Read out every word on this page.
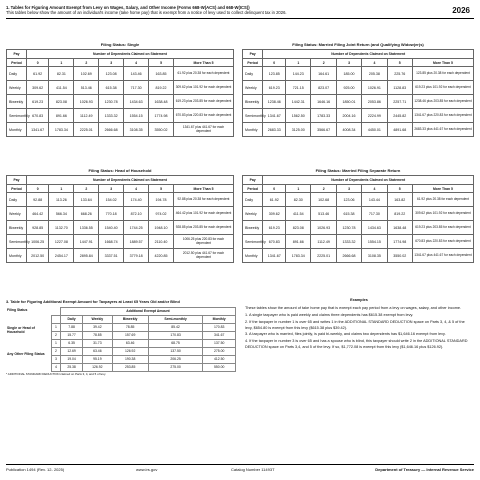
1. Tables for Figuring Amount Exempt from Levy on Wages, Salary, and Other Income (Forms 668-W(ACS) and 668-W(ICS))
This tables below show the amount of an individual's income (take home pay) that is exempt from a notice of levy used to collect delinquent tax in 2026.	2026
Filing Status: Single
Pay	Number of Dependents Claimed on Statement						
Period	0	1	2	3	4	5	More Than 5
Daily	61.92	82.31	102.69	123.08	143.46	163.85	61.92 plus 20.38 for each dependent
Weekly	309.62	411.54	513.46	615.38	717.30	819.22	309.62 plus 101.92 for each dependent
Biweekly	619.23	823.08	1026.93	1230.78	1434.63	1638.48	619.23 plus 203.85 for each dependent
Semimonthly	670.83	891.66	1112.49	1333.32	1554.15	1774.98	670.83 plus 220.83 for each dependent
Monthly	1341.67	1783.34	2225.01	2666.68	3108.35	3550.02	1341.67 plus 441.67 for each dependent
Filing Status: Married Filing Joint Return (and Qualifying Widow(er)s)
Pay	Number of Dependents Claimed on Statement						
Period	0	1	2	3	4	5	More Than 5
Daily	123.85	144.23	164.61	185.00	205.38	225.76	123.85 plus 20.38 for each dependent
Weekly	619.23	721.15	823.07	925.00	1026.91	1128.83	619.23 plus 101.92 for each dependent
Biweekly	1238.46	1442.31	1646.16	1850.01	2053.86	2257.71	1238.46 plus 203.85 for each dependent
Semimonthly	1341.67	1562.50	1783.33	2004.16	2224.99	2445.82	1341.67 plus 220.83 for each dependent
Monthly	2683.33	3125.00	3566.67	4008.34	4450.01	4891.68	2683.33 plus 441.67 for each dependent
Filing Status: Head of Household
Pay	Number of Dependents Claimed on Statement						
Period	0	1	2	3	4	5	More Than 5
Daily	92.88	113.26	133.64	154.02	174.40	194.78	92.88 plus 20.38 for each dependent
Weekly	464.42	566.34	668.26	770.18	872.10	974.02	464.42 plus 101.92 for each dependent
Biweekly	928.85	1132.70	1336.55	1540.40	1744.25	1948.10	928.85 plus 203.85 for each dependent
Semimonthly	1006.25	1227.08	1447.91	1668.74	1889.57	2110.40	1006.25 plus 220.83 for each dependent
Monthly	2012.50	2454.17	2895.84	3337.51	3779.18	4220.85	2012.50 plus 441.67 for each dependent
Filing Status: Married Filing Separate Return
Pay	Number of Dependents Claimed on Statement						
Period	0	1	2	3	4	5	More Than 5
Daily	61.92	82.30	102.68	123.06	143.44	163.82	61.92 plus 20.38 for each dependent
Weekly	309.62	411.54	513.46	615.38	717.30	819.22	309.62 plus 101.92 for each dependent
Biweekly	619.23	823.08	1026.93	1230.78	1434.63	1638.48	619.23 plus 203.85 for each dependent
Semimonthly	670.83	891.66	1112.49	1333.32	1554.15	1774.98	670.83 plus 220.83 for each dependent
Monthly	1341.67	1783.34	2225.01	2666.68	3108.35	3550.02	1341.67 plus 441.67 for each dependent
3. Table for Figuring Additional Exempt Amount for Taxpayers at Least 65 Years Old and/or Blind
Filing Status		Additional Exempt Amount				
		Daily	Weekly	Biweekly	Semi-monthly	Monthly
Single or Head of Household	1	7.88	39.42	78.85	85.42	170.83
	2	15.77	78.85	157.69	170.83	341.67
Any Other Filing Status	1	6.35	31.73	63.46	68.75	137.50
	2	12.69	63.46	126.92	137.50	275.00
	3	19.04	95.19	190.38	206.25	412.50
	4	25.38	126.92	253.85	275.00	550.00
* ADDITIONAL STANDARD DEDUCTION claimed on Parts 3, 4, and 5 of levy.
Examples

These tables show the amount of take home pay that is exempt each pay period from a levy on wages, salary, and other income.

1. A single taxpayer who is paid weekly and claims three dependents has $615.38 exempt from levy.

2. If the taxpayer in number 1 is over 65 and writes 1 in the ADDITIONAL STANDARD DEDUCTION space on Parts 3, 4, & 5 of the levy, $654.80 is exempt from this levy ($615.38 plus $39.42).

3. A taxpayer who is married, files jointly, is paid bi-weekly, and claims two dependents has $1,646.16 exempt from levy.

4. If the taxpayer in number 3 is over 65 and has a spouse who is blind, this taxpayer should write 2 in the ADDITIONAL STANDARD DEDUCTION space on Parts 3,4, and 5 of the levy. If so, $1,772.08 is exempt from this levy ($1,646.16 plus $126.92).

Publication 1494 (Rev. 12- 2025)	www.irs.gov	Catalog Number 11493T	Department of Treasury — Internal Revenue Service
